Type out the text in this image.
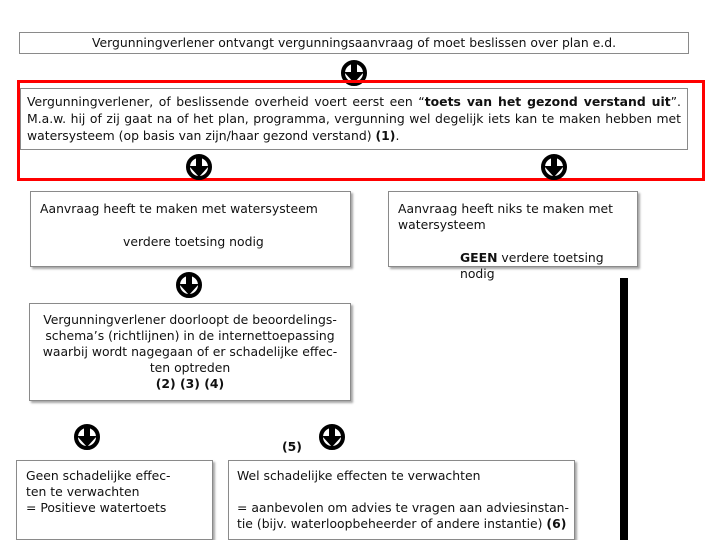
Vergunningverlener ontvangt vergunningsaanvraag of moet beslissen over plan e.d.
Vergunningverlener, of beslissende overheid voert eerst een “toets van het gezond verstand uit”. M.a.w. hij of zij gaat na of het plan, programma, vergunning wel degelijk iets kan te maken hebben met watersysteem (op basis van zijn/haar gezond verstand) (1).
Aanvraag heeft te maken met watersysteem
verdere toetsing nodig
Aanvraag heeft niks te maken met watersysteem
GEEN verdere toetsing nodig
Vergunningverlener doorloopt de beoordelings-schema’s (richtlijnen) in de internettoepassing waarbij wordt nagegaan of er schadelijke effec-ten optreden
(2) (3) (4)
(5)
Geen schadelijke effec-
ten te verwachten
= Positieve watertoets
Wel schadelijke effecten te verwachten
= aanbevolen om advies te vragen aan adviesinstan-
tie (bijv. waterloopbeheerder of andere instantie) (6)
